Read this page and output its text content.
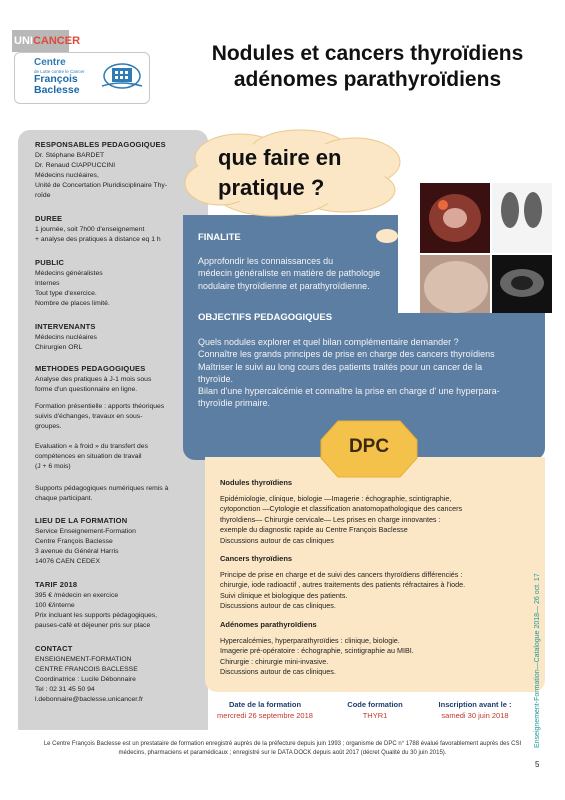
UNICANCER
Centre
de Lutte contre le Cancer
François
Baclesse
Nodules et cancers thyroïdiens
adénomes parathyroïdiens
RESPONSABLES PEDAGOGIQUES
Dr. Stéphane BARDET
Dr. Renaud CIAPPUCCINI
Médecins nucléaires,
Unité de Concertation Pluridisciplinaire Thy-
roïde
DUREE
1 journée, soit 7h00 d'enseignement
+ analyse des pratiques à distance eq 1 h
PUBLIC
Médecins généralistes
Internes
Tout type d'exercice.
Nombre de places limité.
INTERVENANTS
Médecins nucléaires
Chirurgien ORL
METHODES PEDAGOGIQUES
Analyse des pratiques à J-1 mois sous
forme d'un questionnaire en ligne.
Formation présentielle : apports théoriques
suivis d'échanges, travaux en sous-
groupes.
Evaluation « à froid » du transfert des
compétences en situation de travail
(J + 6 mois)
Supports pédagogiques numériques remis à
chaque participant.
LIEU DE LA FORMATION
Service Enseignement-Formation
Centre François Baclesse
3 avenue du Général Harris
14076 CAEN CEDEX
TARIF 2018
395 € /médecin en exercice
100 €/interne
Prix incluant les supports pédagogiques,
pauses-café et déjeuner pris sur place
CONTACT
ENSEIGNEMENT-FORMATION
CENTRE FRANCOIS BACLESSE
Coordinatrice : Lucile Débonnaire
Tel : 02 31 45 50 94
l.debonnaire@baclesse.unicancer.fr
que faire en
pratique ?
FINALITE
Approfondir les connaissances du
médecin généraliste en matière de pathologie
nodulaire thyroïdienne et parathyroïdienne.
OBJECTIFS PEDAGOGIQUES
Quels nodules explorer et quel bilan complémentaire demander ?
Connaître les grands principes de prise en charge des cancers thyroïdiens
Maîtriser le suivi au long cours des patients traités pour un cancer de la
thyroïde.
Bilan d'une hypercalcémie et connaître la prise en charge d' une hyperpara-
thyroïdie primaire.
DPC
Nodules thyroïdiens
Epidémiologie, clinique, biologie —Imagerie : échographie, scintigraphie,
cytoponction —Cytologie et classification anatomopathologique des cancers
thyroïdiens— Chirurgie cervicale— Les prises en charge innovantes :
exemple du diagnostic rapide au Centre François Baclesse
Discussions autour de cas cliniques
Cancers thyroïdiens
Principe de prise en charge et de suivi des cancers thyroïdiens différenciés :
chirurgie, iode radioactif , autres traitements des patients réfractaires à l'iode.
Suivi clinique et biologique des patients.
Discussions autour de cas cliniques.
Adénomes parathyroïdiens
Hypercalcémies, hyperparathyroïdies : clinique, biologie.
Imagerie pré-opératoire : échographie, scintigraphie au MIBI.
Chirurgie : chirurgie mini-invasive.
Discussions autour de cas cliniques.
Date de la formation
mercredi 26 septembre 2018
Code formation
THYR1
Inscription avant le :
samedi 30 juin 2018	Enseignement-Formation—Catalogue 2018— 26 oct. 17
Le Centre François Baclesse est un prestataire de formation enregistré auprès de la préfecture depuis juin 1993 ; organisme de DPC n° 1788 évalué favorablement auprès des CSI médecins, pharmaciens et paramédicaux ; enregistré sur le DATA DOCK depuis août 2017 (décret Qualité du 30 juin 2015).
5
